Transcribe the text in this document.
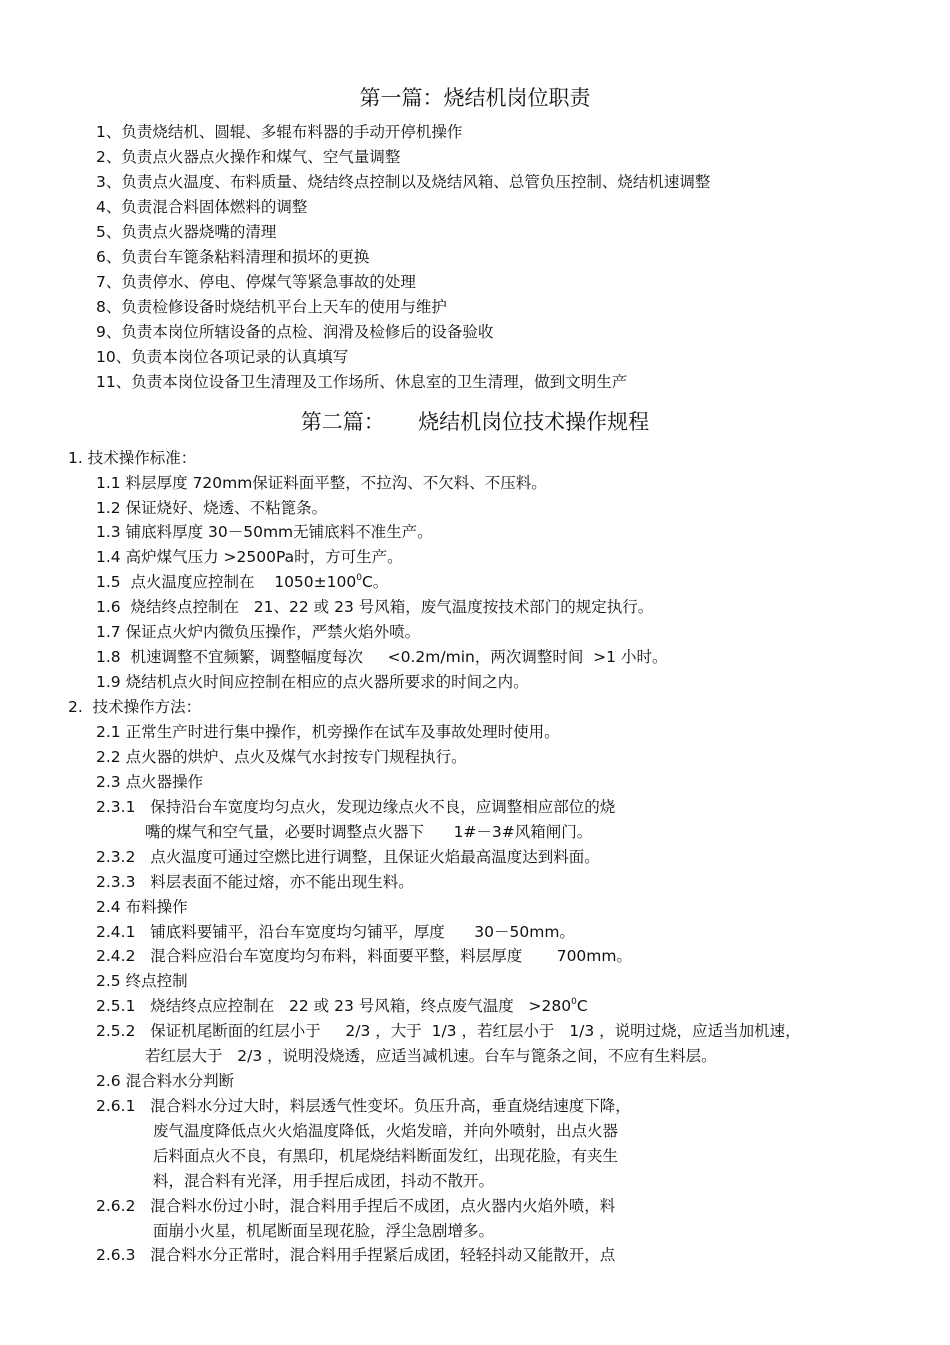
第一篇：烧结机岗位职责
1、负责烧结机、圆辊、多辊布料器的手动开停机操作
2、负责点火器点火操作和煤气、空气量调整
3、负责点火温度、布料质量、烧结终点控制以及烧结风箱、总管负压控制、烧结机速调整
4、负责混合料固体燃料的调整
5、负责点火器烧嘴的清理
6、负责台车篦条粘料清理和损坏的更换
7、负责停水、停电、停煤气等紧急事故的处理
8、负责检修设备时烧结机平台上天车的使用与维护
9、负责本岗位所辖设备的点检、润滑及检修后的设备验收
10、负责本岗位各项记录的认真填写
11、负责本岗位设备卫生清理及工作场所、休息室的卫生清理，做到文明生产
第二篇：     烧结机岗位技术操作规程
1. 技术操作标准：
1.1 料层厚度 720mm保证料面平整，不拉沟、不欠料、不压料。
1.2 保证烧好、烧透、不粘篦条。
1.3 铺底料厚度 30－50mm无铺底料不准生产。
1.4 高炉煤气压力 >2500Pa时，方可生产。
1.5  点火温度应控制在    $1050\pm 100^0C$。
1.6  烧结终点控制在   21、22 或 23 号风箱，废气温度按技术部门的规定执行。
1.7 保证点火炉内微负压操作，严禁火焰外喷。
1.8  机速调整不宜频繁，调整幅度每次     <0.2m/min，两次调整时间  >1 小时。
1.9 烧结机点火时间应控制在相应的点火器所要求的时间之内。
2.  技术操作方法：
2.1 正常生产时进行集中操作，机旁操作在试车及事故处理时使用。
2.2 点火器的烘炉、点火及煤气水封按专门规程执行。
2.3 点火器操作
2.3.1   保持沿台车宽度均匀点火，发现边缘点火不良，应调整相应部位的烧
嘴的煤气和空气量，必要时调整点火器下      1#－3#风箱闸门。
2.3.2   点火温度可通过空燃比进行调整，且保证火焰最高温度达到料面。
2.3.3   料层表面不能过熔，亦不能出现生料。
2.4 布料操作
2.4.1   铺底料要铺平，沿台车宽度均匀铺平，厚度      30－50mm。
2.4.2   混合料应沿台车宽度均匀布料，料面要平整，料层厚度       700mm。
2.5 终点控制
2.5.1   烧结终点应控制在   22 或 23 号风箱，终点废气温度   $>280^0C$
2.5.2   保证机尾断面的红层小于     2/3 ，大于  1/3 ，若红层小于   1/3 ，说明过烧，应适当加机速，
若红层大于   2/3 ，说明没烧透，应适当减机速。台车与篦条之间，不应有生料层。
2.6 混合料水分判断
2.6.1   混合料水分过大时，料层透气性变坏。负压升高，垂直烧结速度下降，
废气温度降低点火火焰温度降低，火焰发暗，并向外喷射，出点火器
后料面点火不良，有黑印，机尾烧结料断面发红，出现花脸，有夹生
料，混合料有光泽，用手捏后成团，抖动不散开。
2.6.2   混合料水份过小时，混合料用手捏后不成团，点火器内火焰外喷，料
面崩小火星，机尾断面呈现花脸，浮尘急剧增多。
2.6.3   混合料水分正常时，混合料用手捏紧后成团，轻轻抖动又能散开，点
